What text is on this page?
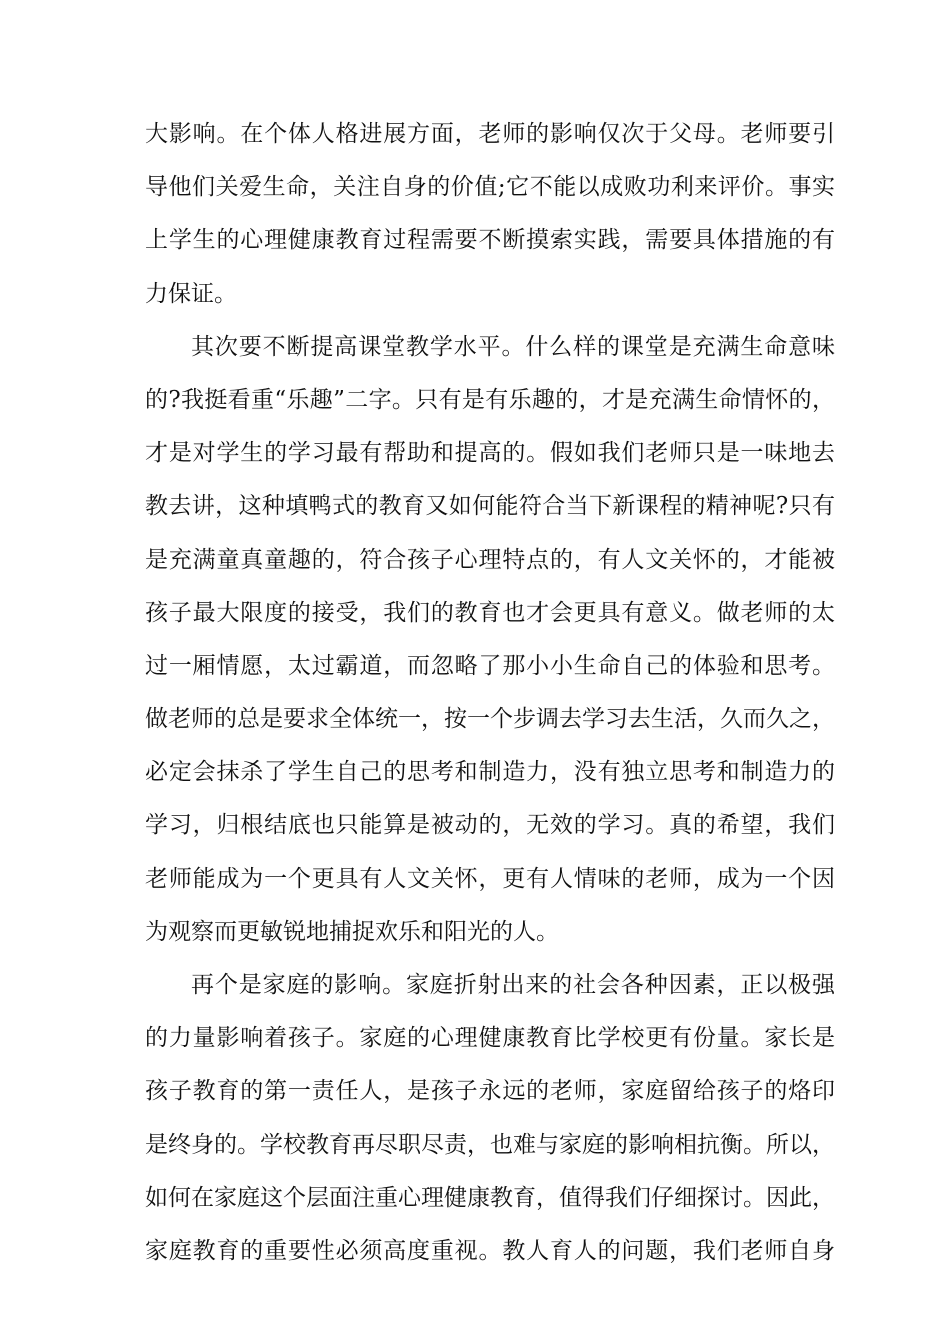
大影响。在个体人格进展方面，老师的影响仅次于父母。老师要引
导他们关爱生命，关注自身的价值;它不能以成败功利来评价。事实
上学生的心理健康教育过程需要不断摸索实践，需要具体措施的有
力保证。
其次要不断提高课堂教学水平。什么样的课堂是充满生命意味
的?我挺看重“乐趣”二字。只有是有乐趣的，才是充满生命情怀的，
才是对学生的学习最有帮助和提高的。假如我们老师只是一味地去
教去讲，这种填鸭式的教育又如何能符合当下新课程的精神呢?只有
是充满童真童趣的，符合孩子心理特点的，有人文关怀的，才能被
孩子最大限度的接受，我们的教育也才会更具有意义。做老师的太
过一厢情愿，太过霸道，而忽略了那小小生命自己的体验和思考。
做老师的总是要求全体统一，按一个步调去学习去生活，久而久之，
必定会抹杀了学生自己的思考和制造力，没有独立思考和制造力的
学习，归根结底也只能算是被动的，无效的学习。真的希望，我们
老师能成为一个更具有人文关怀，更有人情味的老师，成为一个因
为观察而更敏锐地捕捉欢乐和阳光的人。
再个是家庭的影响。家庭折射出来的社会各种因素，正以极强
的力量影响着孩子。家庭的心理健康教育比学校更有份量。家长是
孩子教育的第一责任人，是孩子永远的老师，家庭留给孩子的烙印
是终身的。学校教育再尽职尽责，也难与家庭的影响相抗衡。所以，
如何在家庭这个层面注重心理健康教育，值得我们仔细探讨。因此，
家庭教育的重要性必须高度重视。教人育人的问题，我们老师自身
